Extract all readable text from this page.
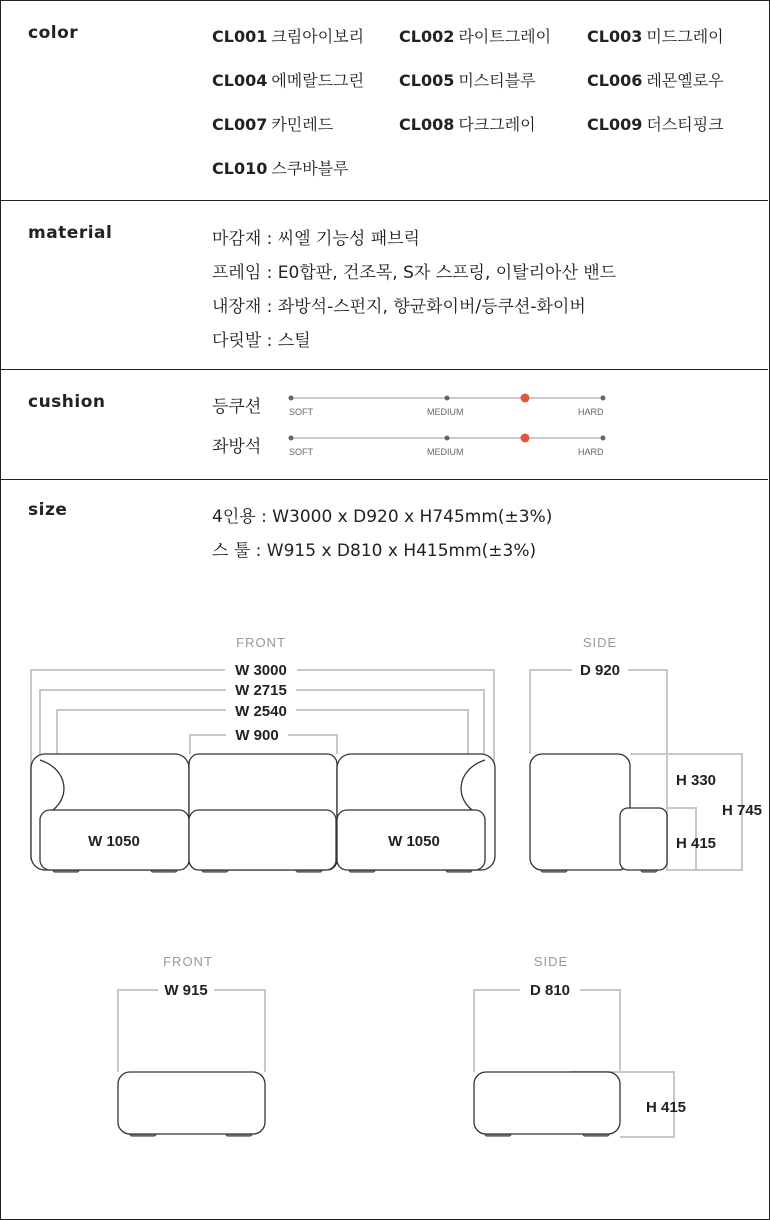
color	CL001 크림아이보리 CL002 라이트그레이 CL003 미드그레이
CL004 에메랄드그린 CL005 미스티블루	CL006 레몬옐로우
CL007 카민레드	CL008 다크그레이	CL009 더스티핑크
CL010 스쿠바블루
material	마감재 : 씨엘 기능성 패브릭
프레임 : E0합판, 건조목, S자 스프링, 이탈리아산 밴드
내장재 : 좌방석-스펀지, 향균화이버/등쿠션-화이버
다릿발 : 스틸
cushion	등쿠션	SOFT	MEDIUM	HARD
좌방석	SOFT	MEDIUM	HARD
size	4인용 : W3000 x D920 x H745mm(±3%)
스 툴 : W915 x D810 x H415mm(±3%)
FRONT	SIDE
FRONT	SIDE
W 3000
W 2715
W 2540
W 900
W 1050	W 1050
D 920
H 330
H 415
H 745
W 915	D 810
H 415
